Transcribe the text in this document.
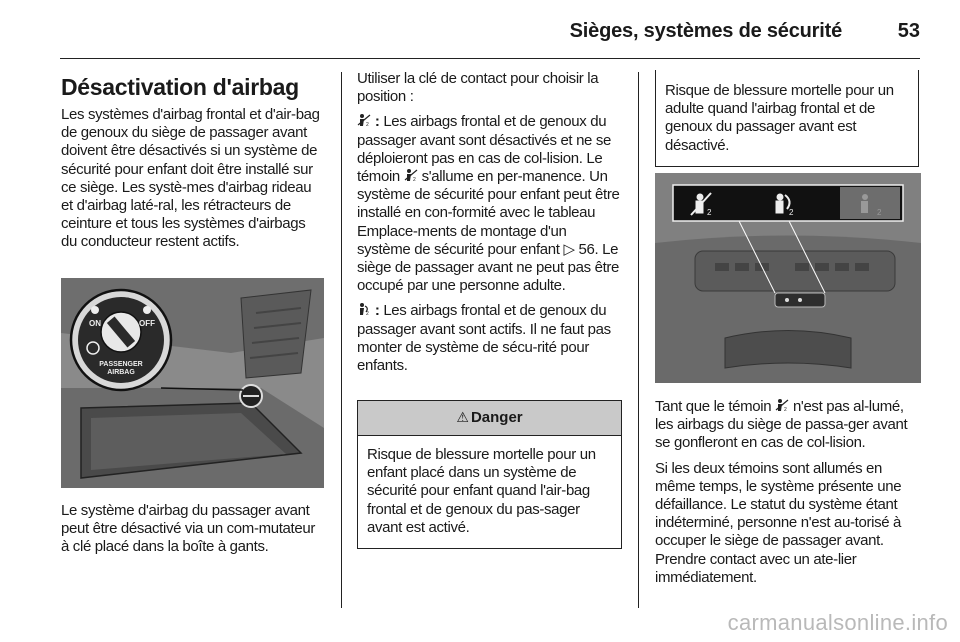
Sièges, systèmes de sécurité	53
Désactivation d'airbag

Les systèmes d'airbag frontal et d'air-bag de genoux du siège de passager avant doivent être désactivés si un système de sécurité pour enfant doit être installé sur ce siège. Les systè-mes d'airbag rideau et d'airbag laté-ral, les rétracteurs de ceinture et tous les systèmes d'airbags du conducteur restent actifs.

ON	OFF
PASSENGER
AIRBAG
Le système d'airbag du passager avant peut être désactivé via un com-mutateur à clé placé dans la boîte à gants.

Utiliser la clé de contact pour choisir la position :

2 : Les airbags frontal et de genoux du passager avant sont désactivés et ne se déploieront pas en cas de col-lision. Le témoin	2 s'allume en per-manence. Un système de sécurité pour enfant peut être installé en con-formité avec le tableau Emplace-ments de montage d'un système de sécurité pour enfant ▷ 56. Le siège de passager avant ne peut pas être occupé par une personne adulte.

2 : Les airbags frontal et de genoux du passager avant sont actifs. Il ne faut pas monter de système de sécu-rité pour enfants.

⚠ Danger
Risque de blessure mortelle pour un enfant placé dans un système de sécurité pour enfant quand l'air-bag frontal et de genoux du pas-sager avant est activé.
Risque de blessure mortelle pour un adulte quand l'airbag frontal et de genoux du passager avant est désactivé.
2	2	2

Tant que le témoin	2 n'est pas al-lumé, les airbags du siège de passa-ger avant se gonfleront en cas de col-lision.

Si les deux témoins sont allumés en même temps, le système présente une défaillance. Le statut du système étant indéterminé, personne n'est au-torisé à occuper le siège de passager avant. Prendre contact avec un ate-lier immédiatement.

carmanualsonline.info
